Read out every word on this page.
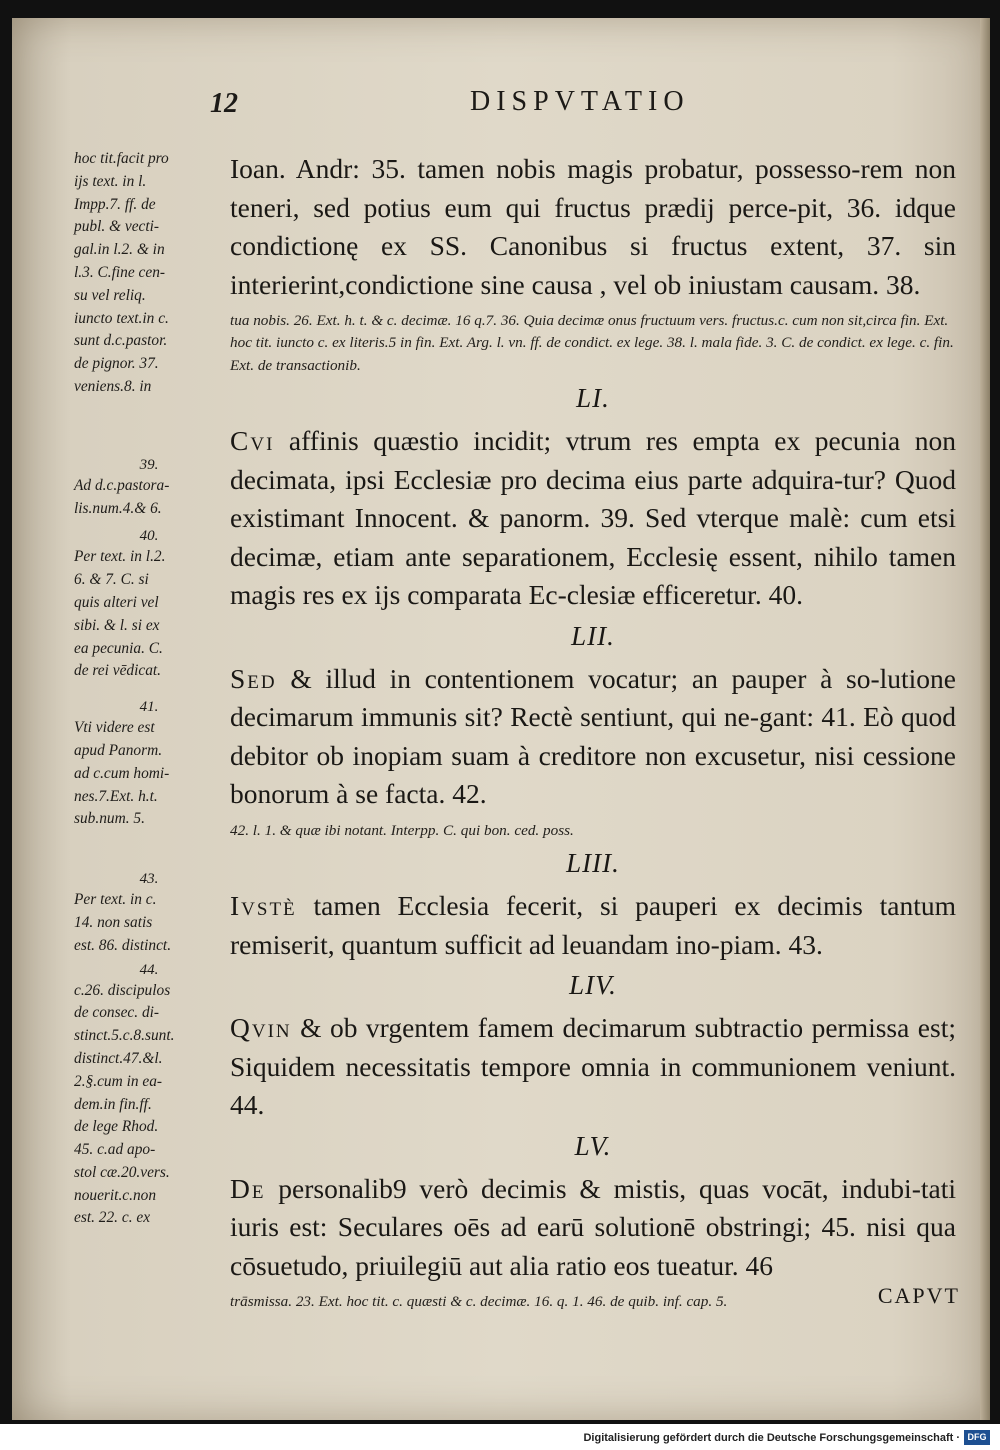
12	DISPVTATIO

hoc tit.facit pro
ijs text. in l.
Impp.7. ff. de
publ. & vecti-
gal.in l.2. & in
l.3. C.fine cen-
su vel reliq.
iuncto text.in c.
sunt d.c.pastor.
de pignor. 37.
veniens.8. in

39.

Ad d.c.pastora-
lis.num.4.& 6.

40.

Per text. in l.2.
6. & 7. C. si
quis alteri vel
sibi. & l. si ex
ea pecunia. C.
de rei vēdicat.

41.

Vti videre est
apud Panorm.
ad c.cum homi-
nes.7.Ext. h.t.
sub.num. 5.

43.

Per text. in c.
14. non satis
est. 86. distinct.

44.

c.26. discipulos
de consec. di-
stinct.5.c.8.sunt.
distinct.47.&l.
2.§.cum in ea-
dem.in fin.ff.
de lege Rhod.

45. c.ad apo-
stol cæ.20.vers.
nouerit.c.non
est. 22. c. ex

Ioan. Andr: 35. tamen nobis magis probatur, possesso-rem non teneri, sed potius eum qui fructus prædij perce-pit, 36. idque condictionę ex SS. Canonibus si fructus extent, 37. sin interierint,condictione sine causa , vel ob iniustam causam. 38.

tua nobis. 26. Ext. h. t. & c. decimæ. 16 q.7. 36. Quia decimæ onus fructuum vers. fructus.c. cum non sit,circa fin. Ext. hoc tit. iuncto c. ex literis.5 in fin. Ext. Arg. l. vn. ff. de condict. ex lege. 38. l. mala fide. 3. C. de condict. ex lege. c. fin. Ext. de transactionib.

LI.

Cvi affinis quæstio incidit; vtrum res empta ex pecunia non decimata, ipsi Ecclesiæ pro decima eius parte adquira-tur? Quod existimant Innocent. & panorm. 39. Sed vterque malè: cum etsi decimæ, etiam ante separationem, Ecclesię essent, nihilo tamen magis res ex ijs comparata Ec-clesiæ efficeretur. 40.

LII.

Sed & illud in contentionem vocatur; an pauper à so-lutione decimarum immunis sit? Rectè sentiunt, qui ne-gant: 41. Eò quod debitor ob inopiam suam à creditore non excusetur, nisi cessione bonorum à se facta. 42.

42. l. 1. & quæ ibi notant. Interpp. C. qui bon. ced. poss.

LIII.

Ivstè tamen Ecclesia fecerit, si pauperi ex decimis tantum remiserit, quantum sufficit ad leuandam ino-piam. 43.

LIV.

Qvin & ob vrgentem famem decimarum subtractio permissa est; Siquidem necessitatis tempore omnia in communionem veniunt. 44.

LV.

De personalib9 verò decimis & mistis, quas vocāt, indubi-tati iuris est: Seculares oēs ad earū solutionē obstringi; 45. nisi qua cōsuetudo, priuilegiū aut alia ratio eos tueatur. 46

trāsmissa. 23. Ext. hoc tit. c. quæsti & c. decimæ. 16. q. 1. 46. de quib. inf. cap. 5.	CAPVT
Digitalisierung gefördert durch die Deutsche Forschungsgemeinschaft · DFG
